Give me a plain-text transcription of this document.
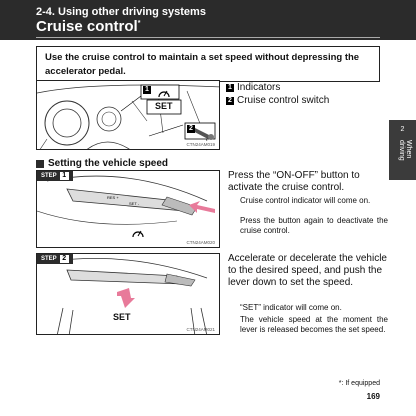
2-4. Using other driving systems
Cruise control*
Use the cruise control to maintain a set speed without depressing the accelerator pedal.
1
SET
2
CTN24AM019
1 Indicators
2 Cruise control switch
Setting the vehicle speed
RES +
SET -
STEP 1
CTN24AM020
Press the “ON-OFF” button to activate the cruise control.
Cruise control indicator will come on.
Press the button again to deactivate the cruise control.
STEP 2
SET
CTN24AM021
Accelerate or decelerate the vehicle to the desired speed, and push the lever down to set the speed.
“SET” indicator will come on.
The vehicle speed at the moment the lever is released becomes the set speed.
2
When driving
*: If equipped
169
